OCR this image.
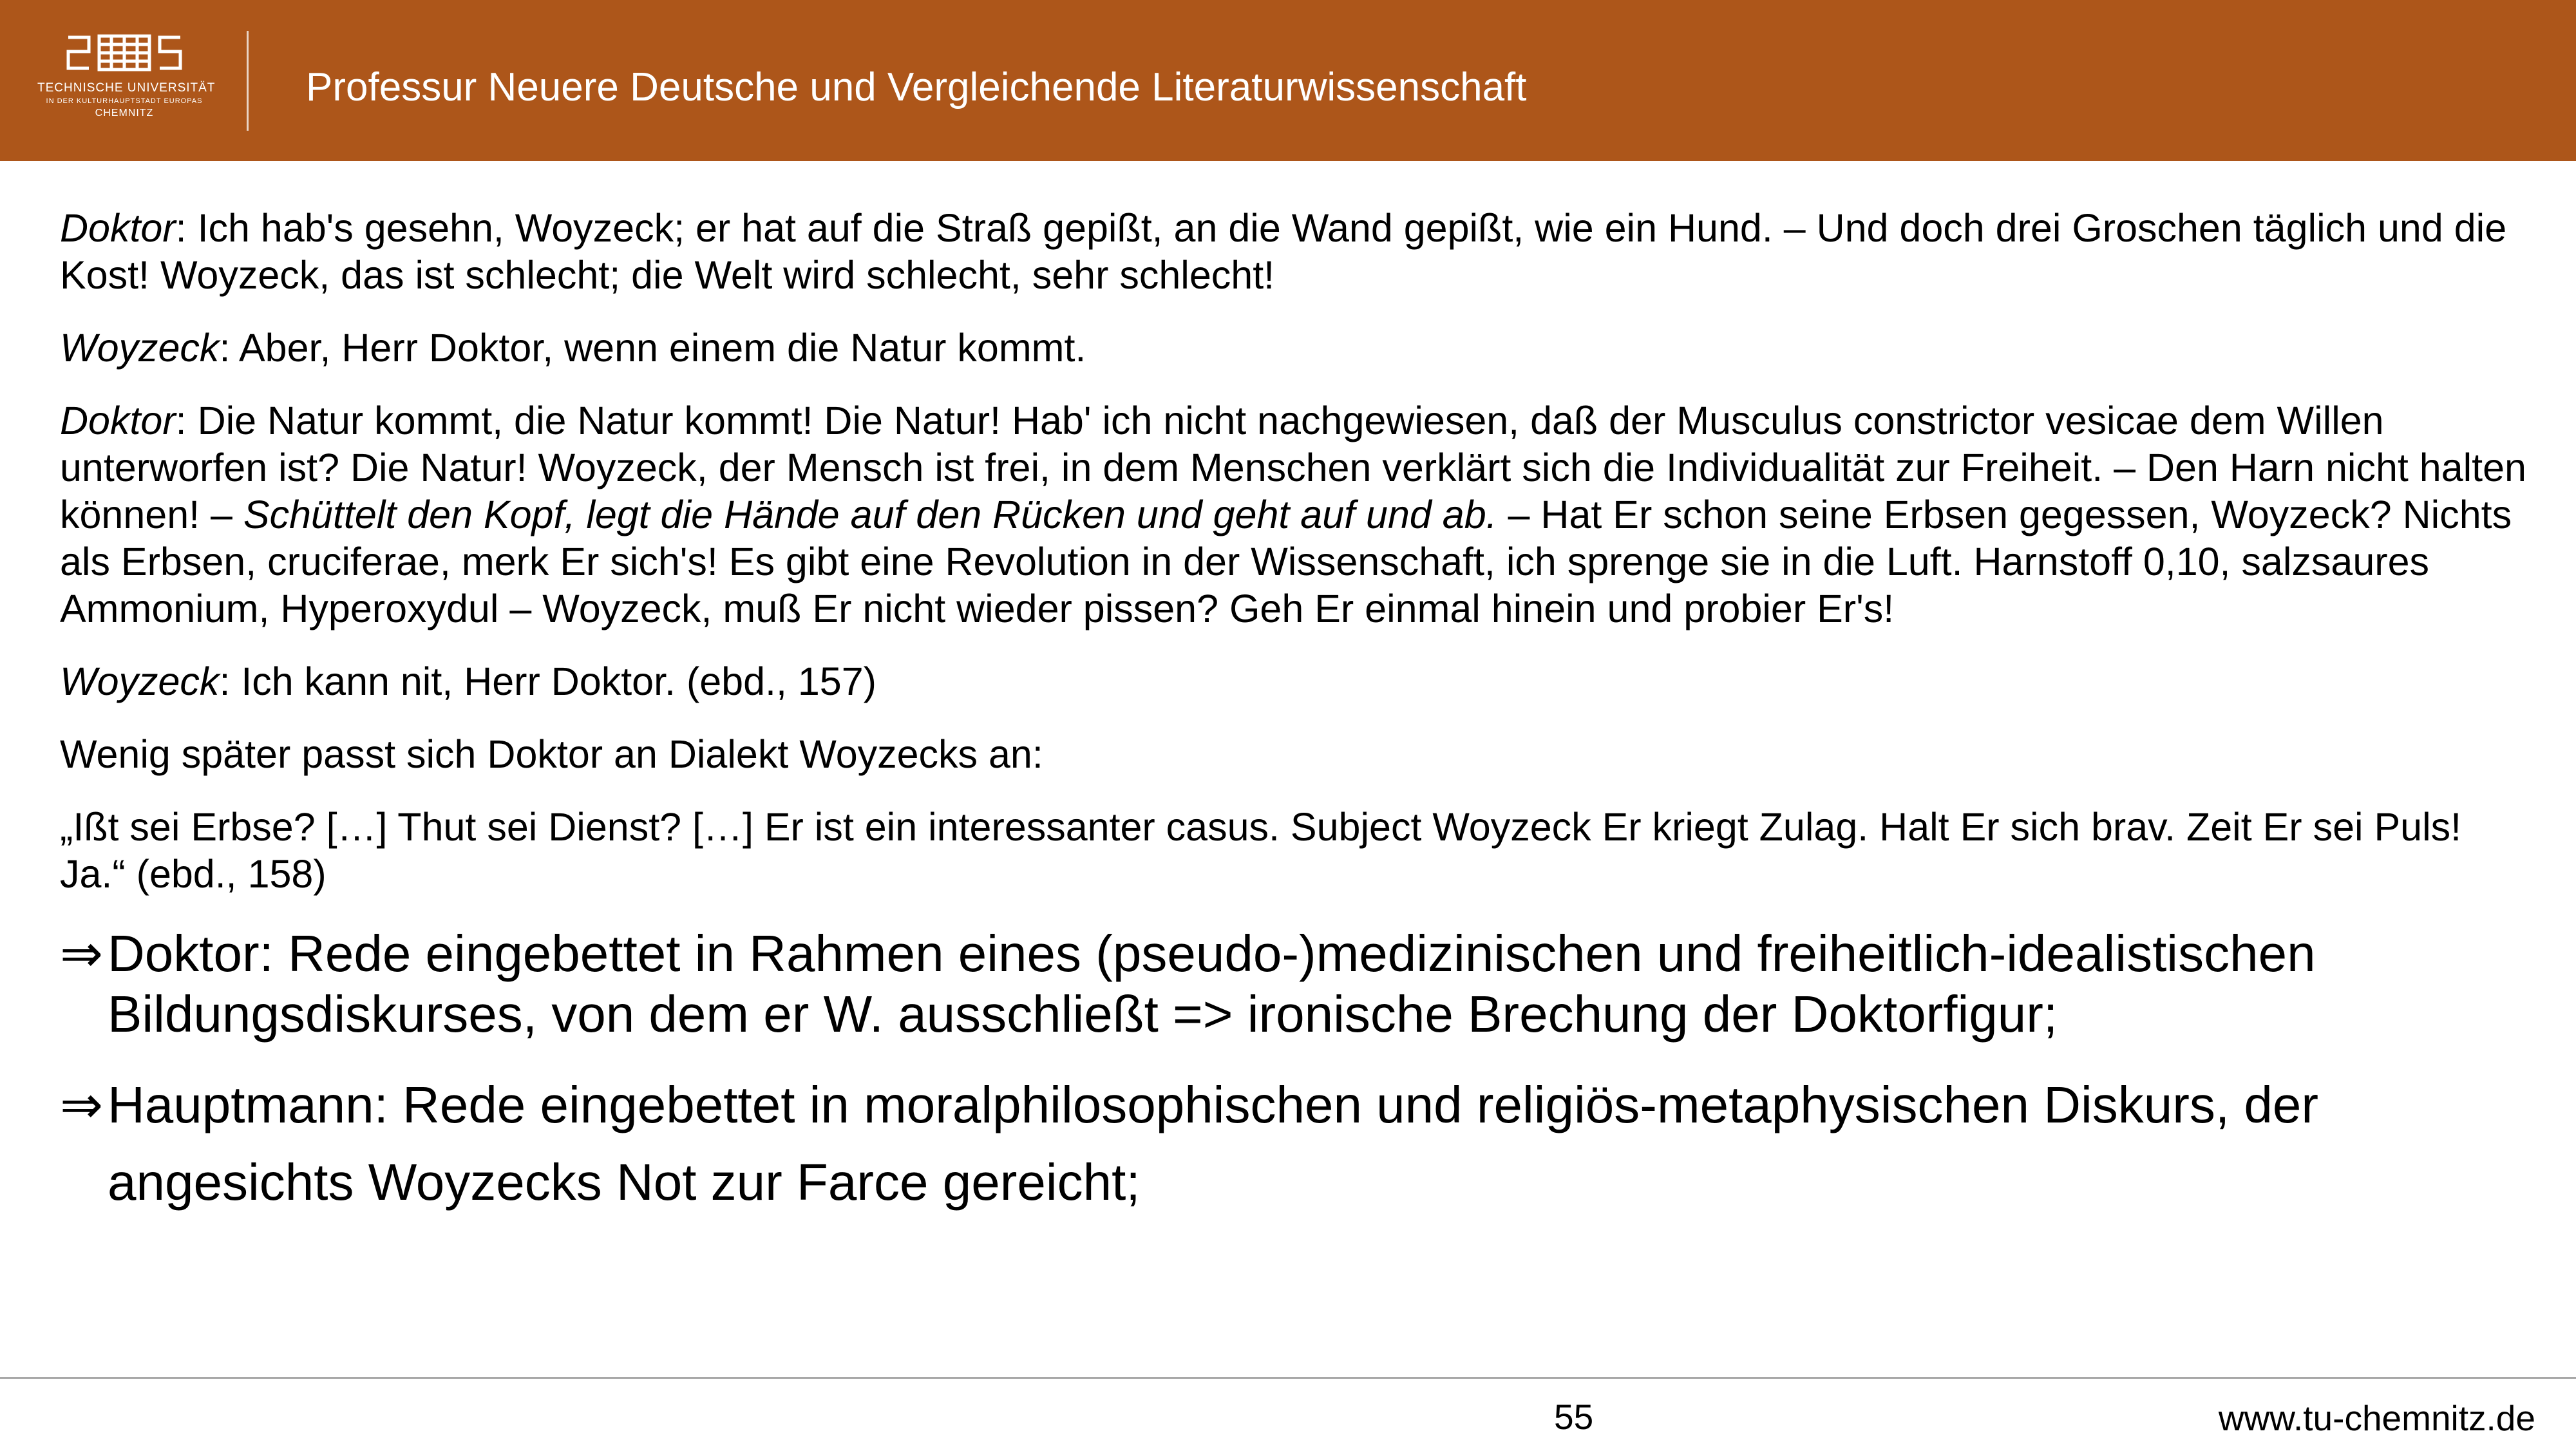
TECHNISCHE UNIVERSITÄT
IN DER KULTURHAUPTSTADT EUROPAS
CHEMNITZ
Professur Neuere Deutsche und Vergleichende Literaturwissenschaft

Doktor: Ich hab's gesehn, Woyzeck; er hat auf die Straß gepißt, an die Wand gepißt, wie ein Hund. – Und doch drei Groschen täglich und die Kost! Woyzeck, das ist schlecht; die Welt wird schlecht, sehr schlecht!

Woyzeck: Aber, Herr Doktor, wenn einem die Natur kommt.

Doktor: Die Natur kommt, die Natur kommt! Die Natur! Hab' ich nicht nachgewiesen, daß der Musculus constrictor vesicae dem Willen unterworfen ist? Die Natur! Woyzeck, der Mensch ist frei, in dem Menschen verklärt sich die Individualität zur Freiheit. – Den Harn nicht halten können! – Schüttelt den Kopf, legt die Hände auf den Rücken und geht auf und ab. – Hat Er schon seine Erbsen gegessen, Woyzeck? Nichts als Erbsen, cruciferae, merk Er sich's! Es gibt eine Revolution in der Wissenschaft, ich sprenge sie in die Luft. Harnstoff 0,10, salzsaures Ammonium, Hyperoxydul – Woyzeck, muß Er nicht wieder pissen? Geh Er einmal hinein und probier Er's!

Woyzeck: Ich kann nit, Herr Doktor. (ebd., 157)

Wenig später passt sich Doktor an Dialekt Woyzecks an:

„Ißt sei Erbse? […] Thut sei Dienst? […] Er ist ein interessanter casus. Subject Woyzeck Er kriegt Zulag. Halt Er sich brav. Zeit Er sei Puls! Ja.“ (ebd., 158)

⇒ Doktor: Rede eingebettet in Rahmen eines (pseudo-)medizinischen und freiheitlich-idealistischen Bildungsdiskurses, von dem er W. ausschließt => ironische Brechung der Doktorfigur;

⇒ Hauptmann: Rede eingebettet in moralphilosophischen und religiös-metaphysischen Diskurs, der angesichts Woyzecks Not zur Farce gereicht;

55	www.tu-chemnitz.de
